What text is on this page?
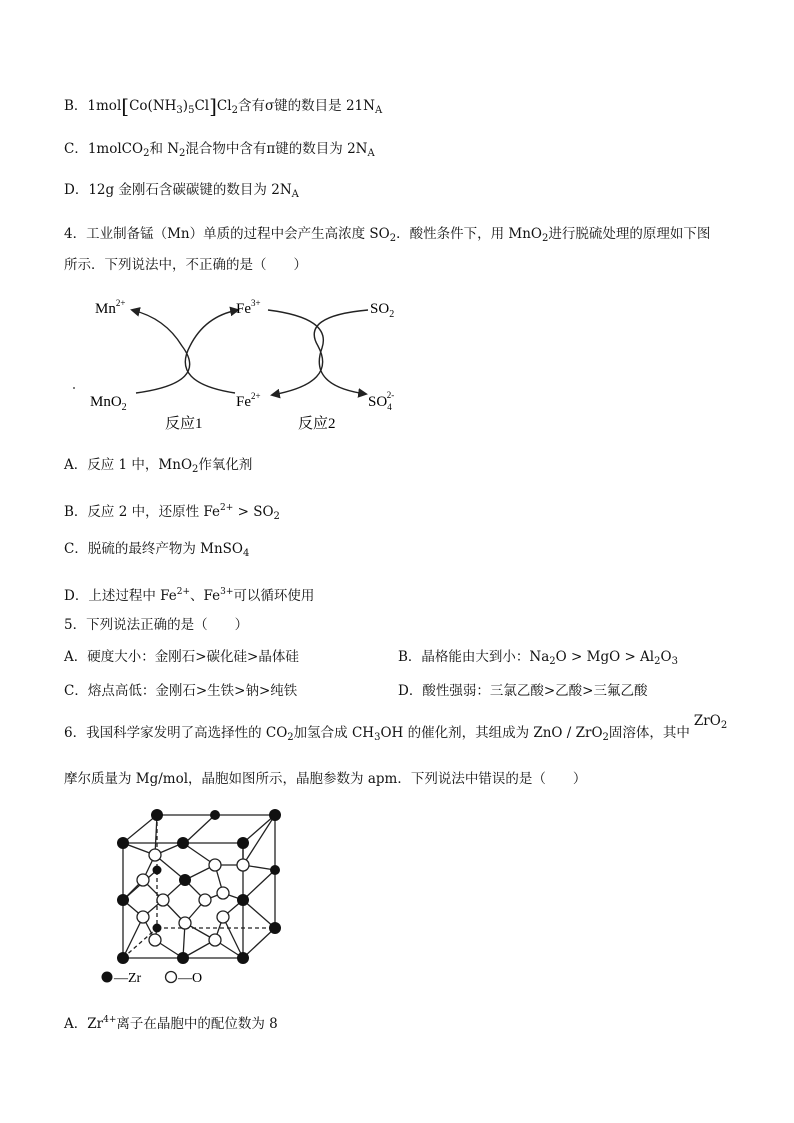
B．$1mol[Co(NH_3)_5Cl]Cl_2$含有σ键的数目是 $21N_A$
C．1molCO$_2$和 $N_2$混合物中含有π键的数目为 $2N_A$
D．12g 金刚石含碳碳键的数目为 $2N_A$
4．工业制备锰（Mn）单质的过程中会产生高浓度 $SO_2$．酸性条件下，用 MnO$_2$进行脱硫处理的原理如下图
所示．下列说法中，不正确的是（　　）
$Mn^{2+}$	$Fe^{3+}$	$SO_2$
MnO$_2$	$Fe^{2+}$	$SO_42-$
反应1	反应2
A．反应 1 中，MnO$_2$作氧化剂
B．反应 2 中，还原性 $Fe^{2+} > SO_2$
C．脱硫的最终产物为 MnSO$_4$
D．上述过程中 $Fe^{2+}$、$Fe^{3+}$可以循环使用
5．下列说法正确的是（　　）
A．硬度大小：金刚石>碳化硅>晶体硅	B．晶格能由大到小：$Na_2O$ > MgO > $Al_2O_3$
C．熔点高低：金刚石>生铁>钠>纯铁	D．酸性强弱：三氯乙酸>乙酸>三氟乙酸
6．我国科学家发明了高选择性的 $CO_2$加氢合成 $CH_3OH$ 的催化剂，其组成为 ZnO / ZrO$_2$固溶体，其中ZrO$_2$
摩尔质量为 Mg/mol，晶胞如图所示，晶胞参数为 apm．下列说法中错误的是（　　）
—Zr	—O
A．$Zr^{4+}$离子在晶胞中的配位数为 8
